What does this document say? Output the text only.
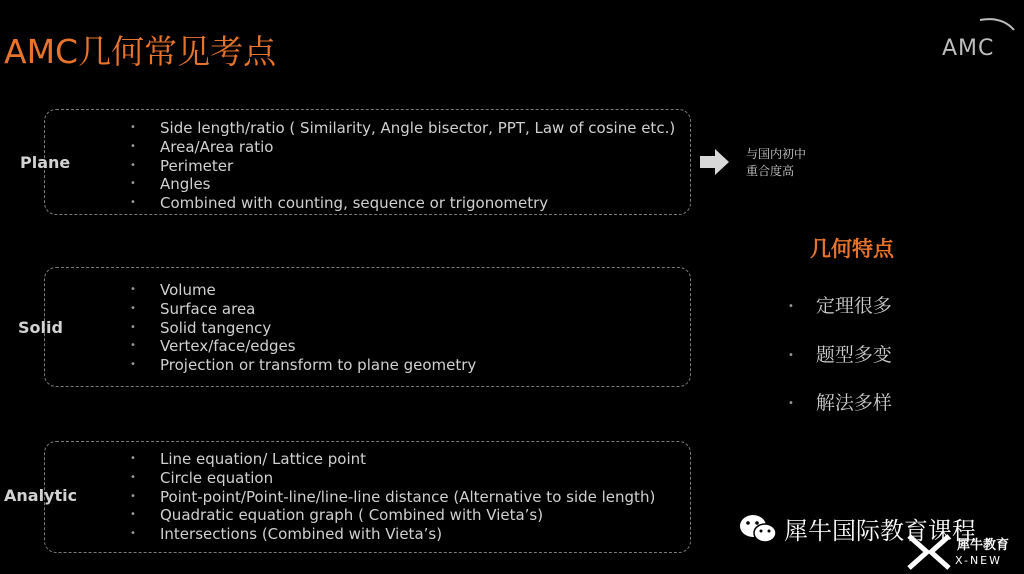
AMC几何常见考点	AMC
Plane
• Side length/ratio ( Similarity, Angle bisector, PPT, Law of cosine etc.)
• Area/Area ratio
• Perimeter
• Angles
• Combined with counting, sequence or trigonometry
Solid
• Volume
• Surface area
• Solid tangency
• Vertex/face/edges
• Projection or transform to plane geometry
Analytic
• Line equation/ Lattice point
• Circle equation
• Point-point/Point-line/line-line distance (Alternative to side length)
• Quadratic equation graph ( Combined with Vieta’s)
• Intersections (Combined with Vieta’s)
与国内初中
重合度高
几何特点
• 定理很多
• 题型多变
• 解法多样
犀牛国际教育课程
犀牛教育
X-NEW
